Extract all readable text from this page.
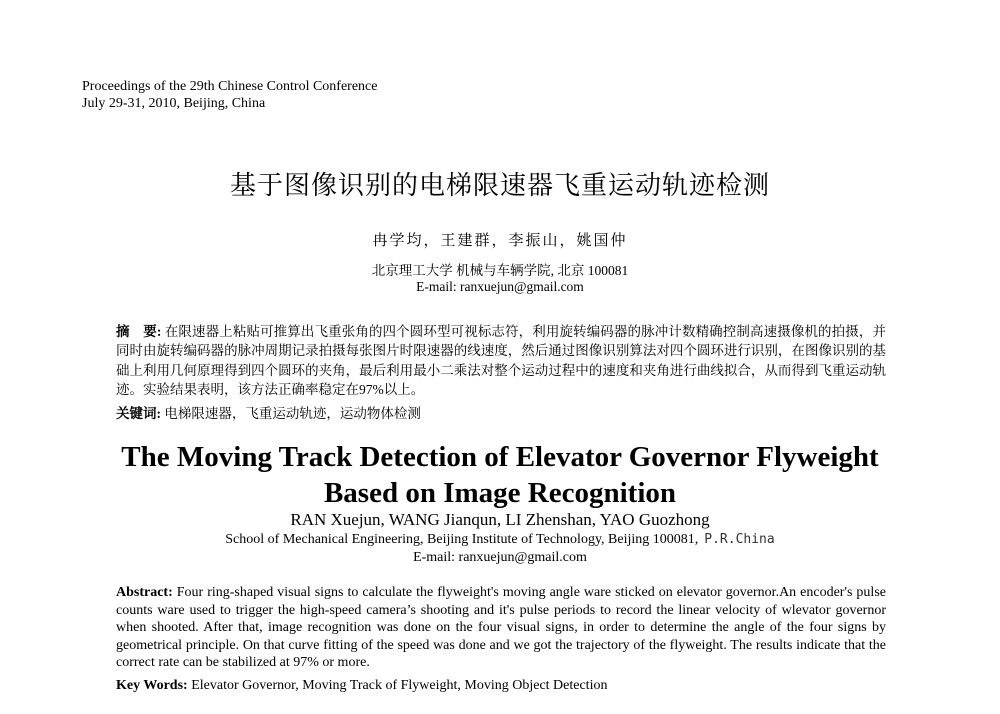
Proceedings of the 29th Chinese Control Conference
July 29-31, 2010, Beijing, China
基于图像识别的电梯限速器飞重运动轨迹检测
冉学均，王建群，李振山，姚国仲
北京理工大学 机械与车辆学院, 北京 100081
E-mail: ranxuejun@gmail.com
摘　要: 在限速器上粘贴可推算出飞重张角的四个圆环型可视标志符，利用旋转编码器的脉冲计数精确控制高速摄像机的拍摄，并同时由旋转编码器的脉冲周期记录拍摄每张图片时限速器的线速度，然后通过图像识别算法对四个圆环进行识别，在图像识别的基础上利用几何原理得到四个圆环的夹角，最后利用最小二乘法对整个运动过程中的速度和夹角进行曲线拟合，从而得到飞重运动轨迹。实验结果表明，该方法正确率稳定在97%以上。
关键词: 电梯限速器，飞重运动轨迹，运动物体检测
The Moving Track Detection of Elevator Governor Flyweight
Based on Image Recognition
RAN Xuejun, WANG Jianqun, LI Zhenshan, YAO Guozhong
School of Mechanical Engineering, Beijing Institute of Technology, Beijing 100081, P.R.China
E-mail: ranxuejun@gmail.com
Abstract: Four ring-shaped visual signs to calculate the flyweight's moving angle ware sticked on elevator governor.An encoder's pulse counts ware used to trigger the high-speed camera’s shooting and it's pulse periods to record the linear velocity of wlevator governor when shooted. After that, image recognition was done on the four visual signs, in order to determine the angle of the four signs by geometrical principle. On that curve fitting of the speed was done and we got the trajectory of the flyweight. The results indicate that the correct rate can be stabilized at 97% or more.
Key Words: Elevator Governor, Moving Track of Flyweight, Moving Object Detection
